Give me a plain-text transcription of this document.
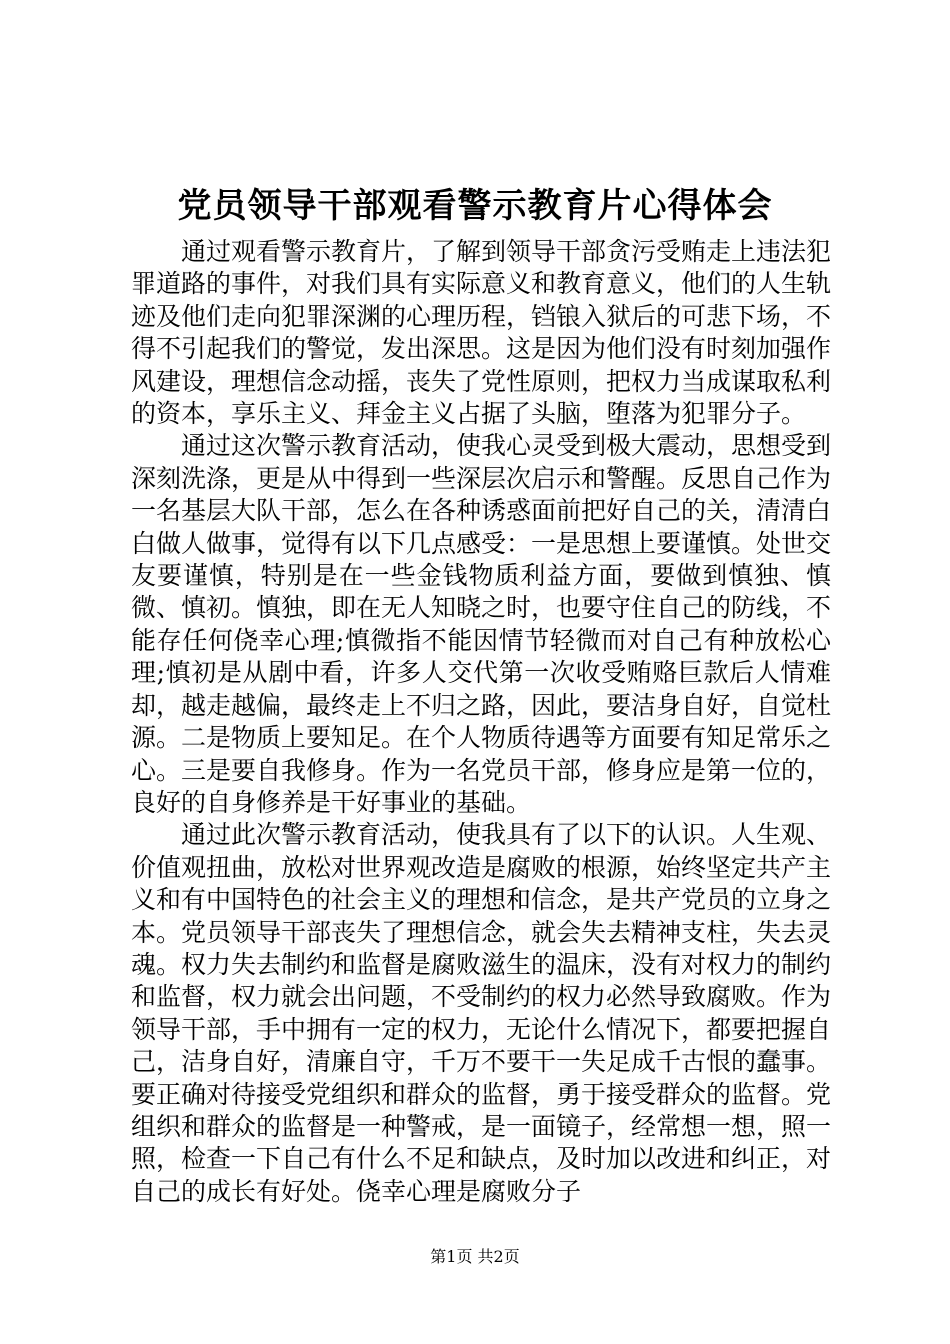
党员领导干部观看警示教育片心得体会

通过观看警示教育片，了解到领导干部贪污受贿走上违法犯罪道路的事件，对我们具有实际意义和教育意义，他们的人生轨迹及他们走向犯罪深渊的心理历程，铛锒入狱后的可悲下场，不得不引起我们的警觉，发出深思。这是因为他们没有时刻加强作风建设，理想信念动摇，丧失了党性原则，把权力当成谋取私利的资本，享乐主义、拜金主义占据了头脑，堕落为犯罪分子。

通过这次警示教育活动，使我心灵受到极大震动，思想受到深刻洗涤，更是从中得到一些深层次启示和警醒。反思自己作为一名基层大队干部，怎么在各种诱惑面前把好自己的关，清清白白做人做事，觉得有以下几点感受：一是思想上要谨慎。处世交友要谨慎，特别是在一些金钱物质利益方面，要做到慎独、慎微、慎初。慎独，即在无人知晓之时，也要守住自己的防线，不能存任何侥幸心理;慎微指不能因情节轻微而对自己有种放松心理;慎初是从剧中看，许多人交代第一次收受贿赂巨款后人情难却，越走越偏，最终走上不归之路，因此，要洁身自好，自觉杜源。二是物质上要知足。在个人物质待遇等方面要有知足常乐之心。三是要自我修身。作为一名党员干部，修身应是第一位的，良好的自身修养是干好事业的基础。

通过此次警示教育活动，使我具有了以下的认识。人生观、价值观扭曲，放松对世界观改造是腐败的根源，始终坚定共产主义和有中国特色的社会主义的理想和信念，是共产党员的立身之本。党员领导干部丧失了理想信念，就会失去精神支柱，失去灵魂。权力失去制约和监督是腐败滋生的温床，没有对权力的制约和监督，权力就会出问题，不受制约的权力必然导致腐败。作为领导干部，手中拥有一定的权力，无论什么情况下，都要把握自己，洁身自好，清廉自守，千万不要干一失足成千古恨的蠢事。要正确对待接受党组织和群众的监督，勇于接受群众的监督。党组织和群众的监督是一种警戒，是一面镜子，经常想一想，照一照，检查一下自己有什么不足和缺点，及时加以改进和纠正，对自己的成长有好处。侥幸心理是腐败分子

第1页 共2页
